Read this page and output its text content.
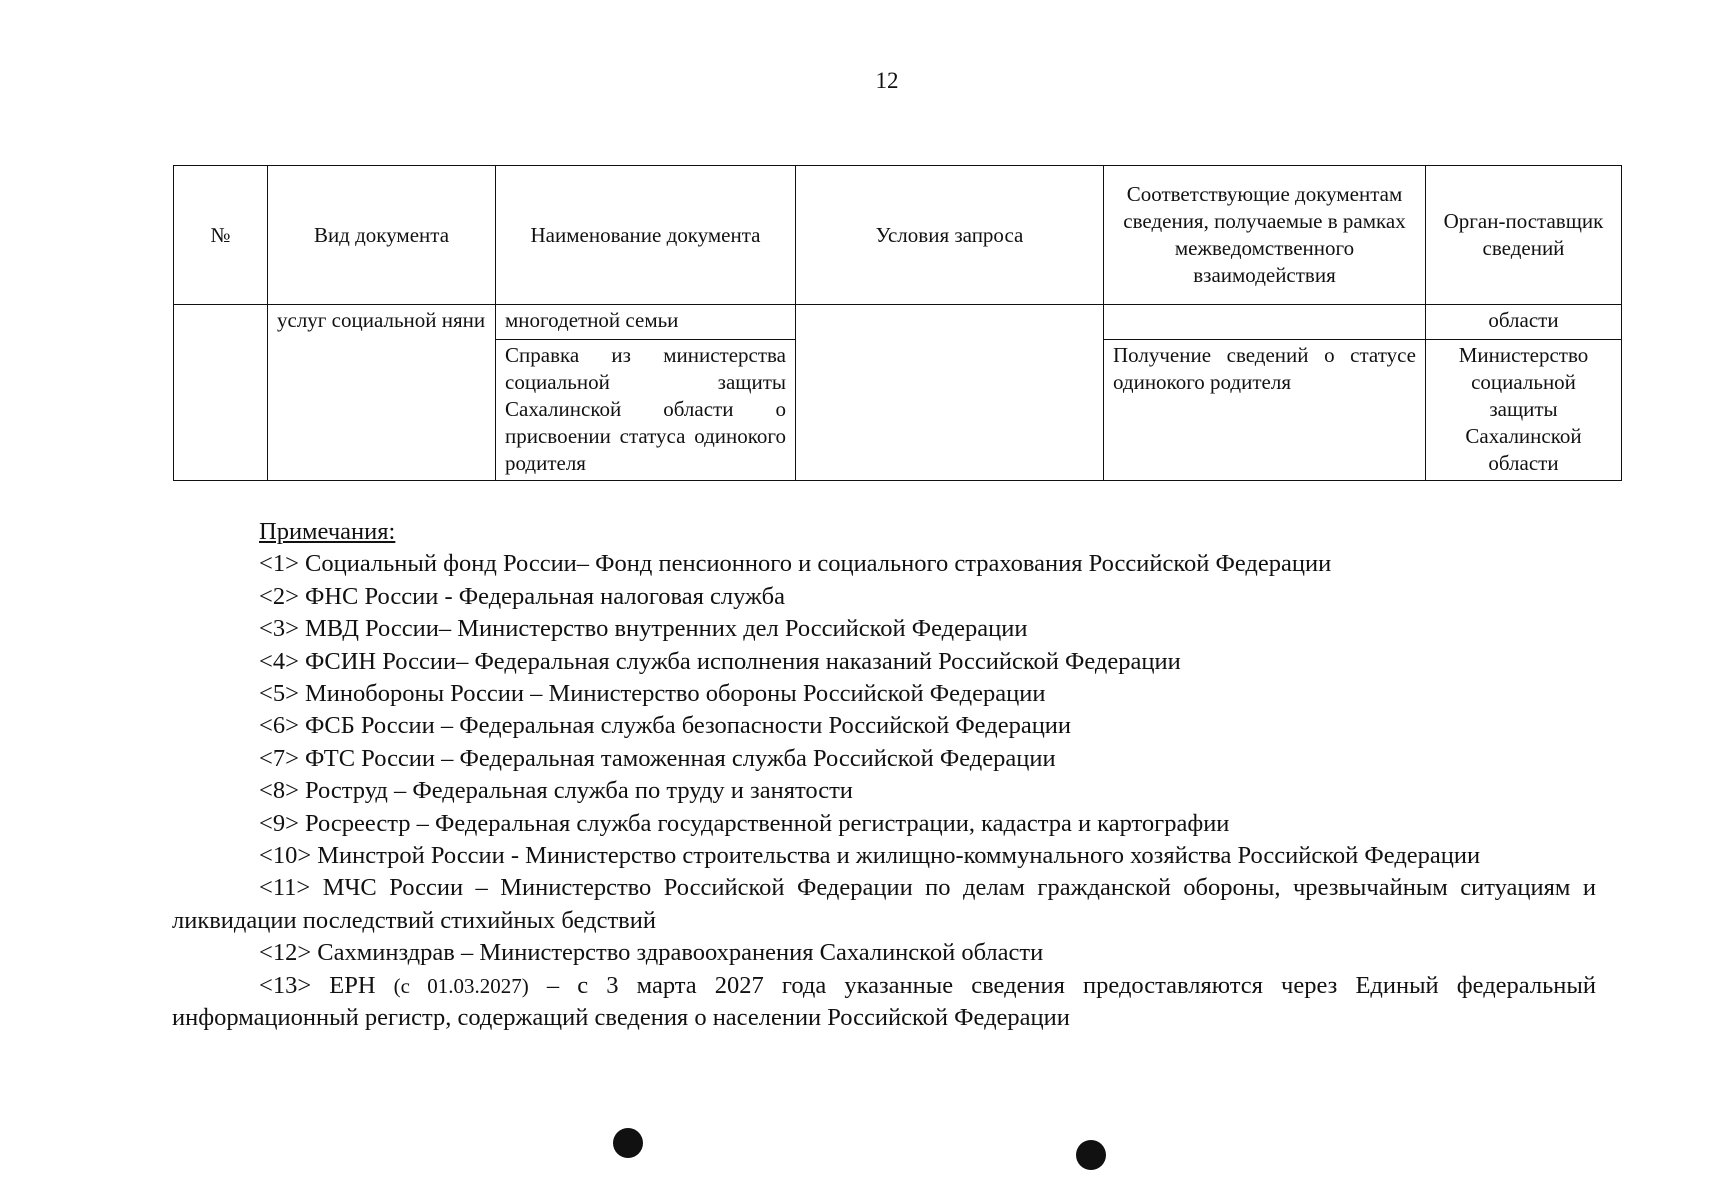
12
№	Вид документа	Наименование документа	Условия запроса	Соответствующие документам сведения, получаемые в рамках межведомственного взаимодействия	Орган-поставщик сведений
	услуг социальной няни	многодетной семьи			области
		Справка из министерства социальной защиты Сахалинской области о присвоении статуса одинокого родителя		Получение сведений о статусе одинокого родителя	Министерство социальной защиты Сахалинской области
Примечания:
<1> Социальный фонд России– Фонд пенсионного и социального страхования Российской Федерации
<2> ФНС России - Федеральная налоговая служба
<3> МВД России– Министерство внутренних дел Российской Федерации
<4> ФСИН России– Федеральная служба исполнения наказаний Российской Федерации
<5> Минобороны России – Министерство обороны Российской Федерации
<6> ФСБ России – Федеральная служба безопасности Российской Федерации
<7> ФТС России – Федеральная таможенная служба Российской Федерации
<8> Роструд – Федеральная служба по труду и занятости
<9> Росреестр – Федеральная служба государственной регистрации, кадастра и картографии
<10> Минстрой России - Министерство строительства и жилищно-коммунального хозяйства Российской Федерации
<11> МЧС России – Министерство Российской Федерации по делам гражданской обороны, чрезвычайным ситуациям и ликвидации последствий стихийных бедствий
<12> Сахминздрав – Министерство здравоохранения Сахалинской области
<13> ЕРН (с 01.03.2027) – с 3 марта 2027 года указанные сведения предоставляются через Единый федеральный информационный регистр, содержащий сведения о населении Российской Федерации
